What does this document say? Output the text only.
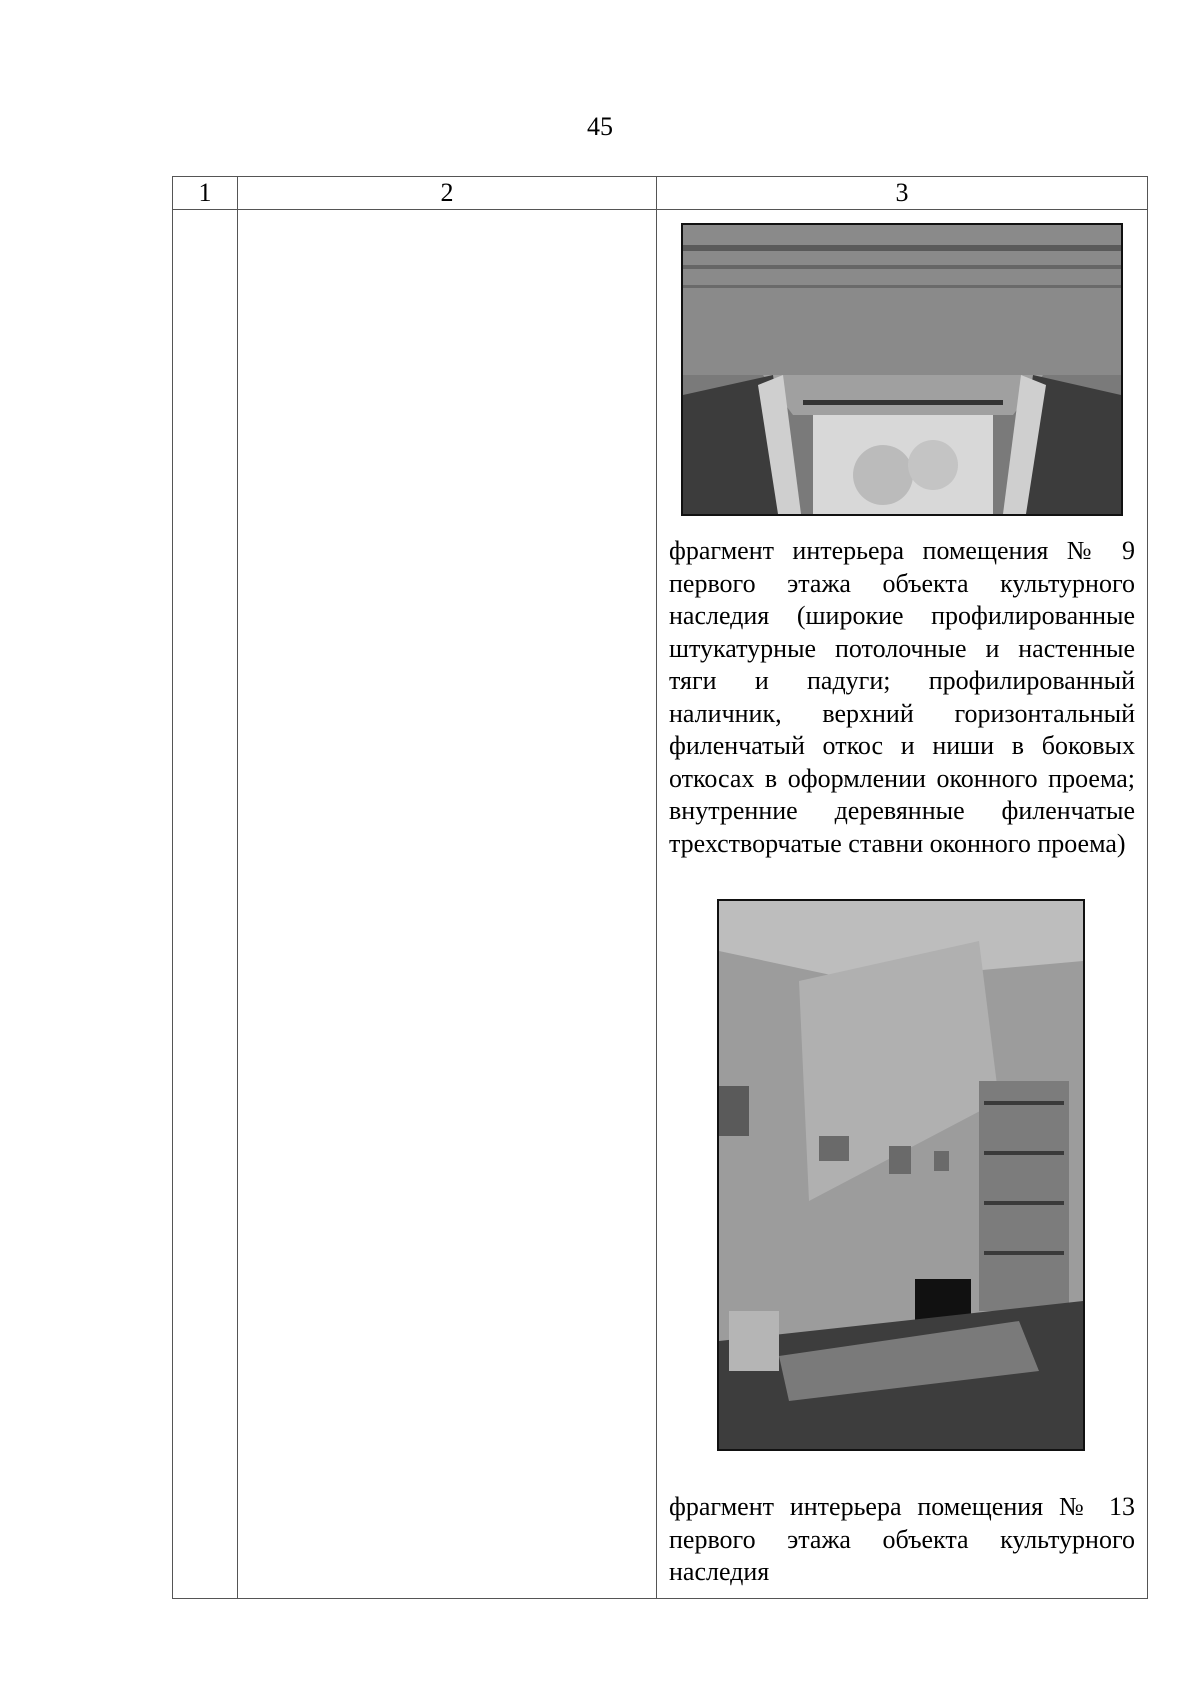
45
1	2	3

		фрагмент интерьера помещения № 9 первого этажа объекта культурного наследия (широкие профилированные штукатурные потолочные и настенные тяги и падуги; профилированный наличник, верхний горизонтальный филенчатый откос и ниши в боковых откосах в оформлении оконного проема; внутренние деревянные филенчатые трехстворчатые ставни оконного проема)
фрагмент интерьера помещения № 13 первого этажа объекта культурного наследия
